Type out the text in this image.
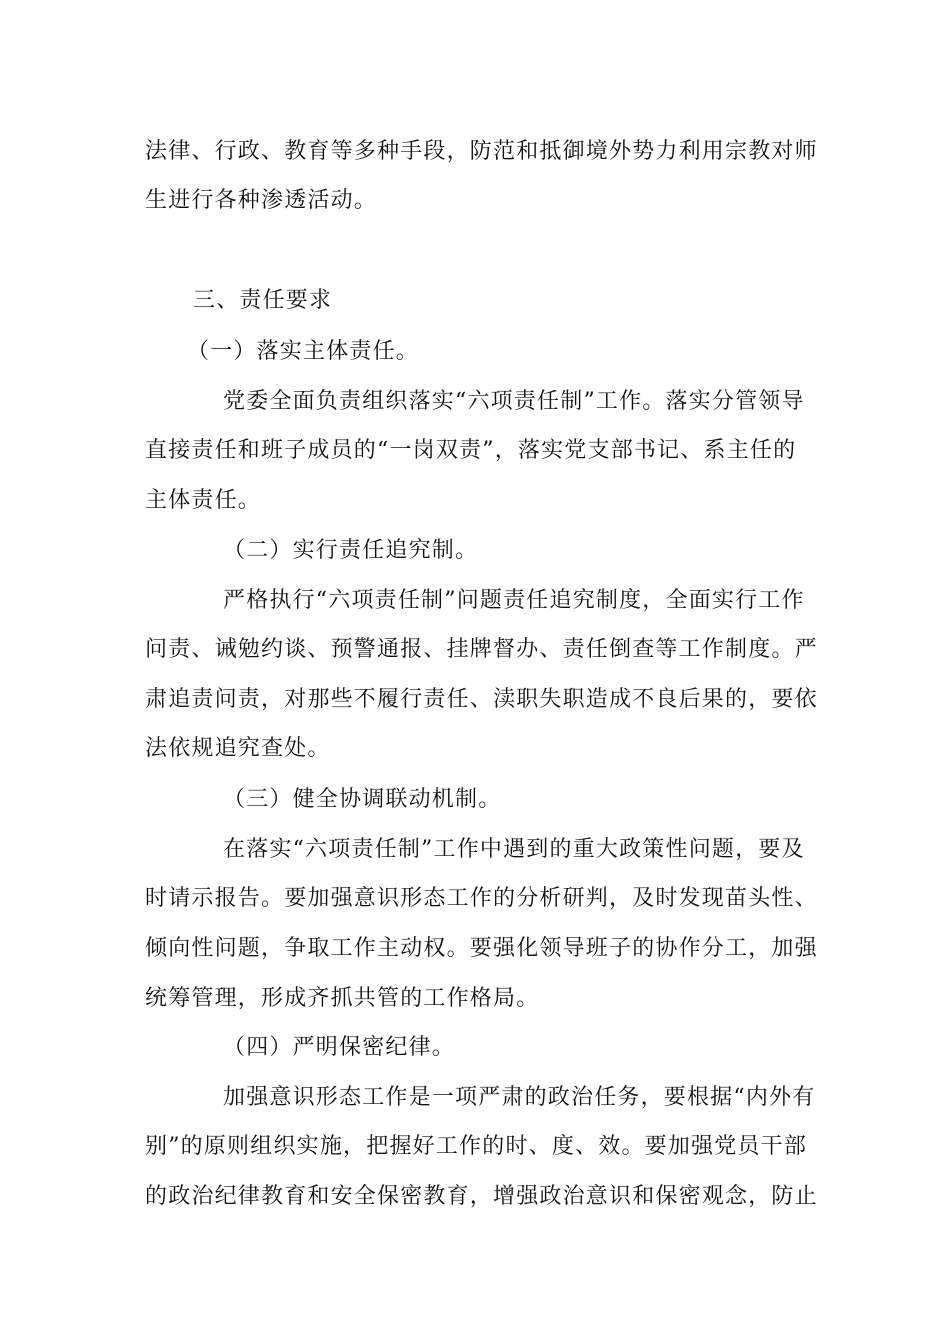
法律、行政、教育等多种手段，防范和抵御境外势力利用宗教对师
生进行各种渗透活动。
三、责任要求
（一）落实主体责任。
党委全面负责组织落实“六项责任制”工作。落实分管领导
直接责任和班子成员的“一岗双责”，落实党支部书记、系主任的
主体责任。
（二）实行责任追究制。
严格执行“六项责任制”问题责任追究制度，全面实行工作
问责、诫勉约谈、预警通报、挂牌督办、责任倒查等工作制度。严
肃追责问责，对那些不履行责任、渎职失职造成不良后果的，要依
法依规追究查处。
（三）健全协调联动机制。
在落实“六项责任制”工作中遇到的重大政策性问题，要及
时请示报告。要加强意识形态工作的分析研判，及时发现苗头性、
倾向性问题，争取工作主动权。要强化领导班子的协作分工，加强
统筹管理，形成齐抓共管的工作格局。
（四）严明保密纪律。
加强意识形态工作是一项严肃的政治任务，要根据“内外有
别”的原则组织实施，把握好工作的时、度、效。要加强党员干部
的政治纪律教育和安全保密教育，增强政治意识和保密观念，防止
